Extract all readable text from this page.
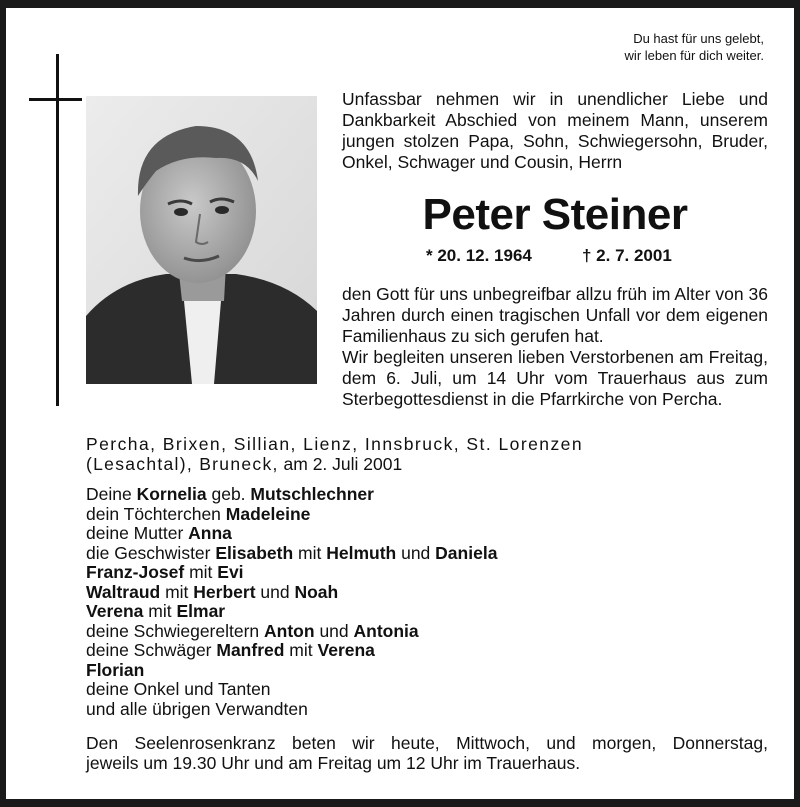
Du hast für uns gelebt,
wir leben für dich weiter.

Unfassbar nehmen wir in unendlicher Liebe und Dankbarkeit Abschied von meinem Mann, unserem jungen stolzen Papa, Sohn, Schwiegersohn, Bruder, Onkel, Schwager und Cousin, Herrn

Peter Steiner
* 20. 12. 1964	† 2. 7. 2001
den Gott für uns unbegreifbar allzu früh im Alter von 36 Jahren durch einen tragischen Unfall vor dem eigenen Familienhaus zu sich gerufen hat.
Wir begleiten unseren lieben Verstorbenen am Freitag, dem 6. Juli, um 14 Uhr vom Trauerhaus aus zum Sterbegottesdienst in die Pfarrkirche von Percha.
Percha, Brixen, Sillian, Lienz, Innsbruck, St. Lorenzen
(Lesachtal), Bruneck, am 2. Juli 2001
Deine Kornelia geb. Mutschlechner
dein Töchterchen Madeleine
deine Mutter Anna
die Geschwister Elisabeth mit Helmuth und Daniela
Franz-Josef mit Evi
Waltraud mit Herbert und Noah
Verena mit Elmar
deine Schwiegereltern Anton und Antonia
deine Schwäger Manfred mit Verena
Florian
deine Onkel und Tanten
und alle übrigen Verwandten
Den Seelenrosenkranz beten wir heute, Mittwoch, und morgen, Donnerstag,
jeweils um 19.30 Uhr und am Freitag um 12 Uhr im Trauerhaus.
